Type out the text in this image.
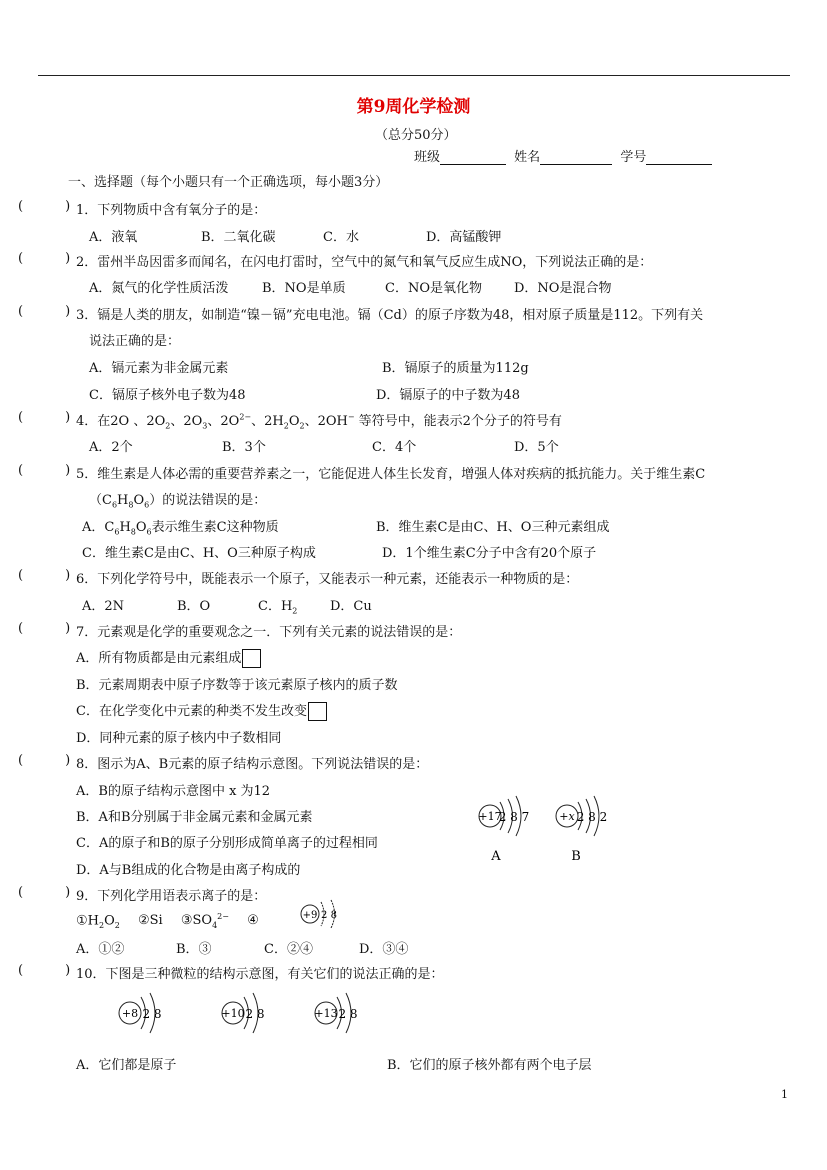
第9周化学检测
（总分50分）
班级	姓名	学号
一、选择题（每个小题只有一个正确选项，每小题3分）
(	) 1．下列物质中含有氧分子的是：
A．液氧	B．二氧化碳	C．水	D．高锰酸钾
(	) 2．雷州半岛因雷多而闻名，在闪电打雷时，空气中的氮气和氧气反应生成NO，下列说法正确的是：
A．氮气的化学性质活泼	B．NO是单质	C．NO是氧化物 D．NO是混合物
(	) 3．镉是人类的朋友，如制造“镍－镉”充电电池。镉（Cd）的原子序数为48，相对原子质量是112。下列有关
说法正确的是：
A．镉元素为非金属元素	B．镉原子的质量为112g
C．镉原子核外电子数为48	D．镉原子的中子数为48
(	) 4．在2O 、$2O_2$、$2O_3$、$2O^{2-}$、$2H_2O_2$、2OH− 等符号中，能表示2个分子的符号有
A．2个	B．3个	C．4个	D．5个
(	) 5．维生素是人体必需的重要营养素之一，它能促进人体生长发育，增强人体对疾病的抵抗能力。关于维生素C
$(C_6H_8O_6)$的说法错误的是：
A．$C_6H_8O_6$表示维生素C这种物质	B．维生素C是由C、H、O三种元素组成
C．维生素C是由C、H、O三种原子构成	D．1个维生素C分子中含有20个原子
(	) 6．下列化学符号中，既能表示一个原子，又能表示一种元素，还能表示一种物质的是：
A．2N	B．O	C．$H_2$	D．Cu
(	) 7．元素观是化学的重要观念之一．下列有关元素的说法错误的是：
A．所有物质都是由元素组成
B．元素周期表中原子序数等于该元素原子核内的质子数
C．在化学变化中元素的种类不发生改变
D．同种元素的原子核内中子数相同
(	) 8．图示为A、B元素的原子结构示意图。下列说法错误的是：
A．B的原子结构示意图中 x 为12
B．A和B分别属于非金属元素和金属元素
C．A的原子和B的原子分别形成简单离子的过程相同
D．A与B组成的化合物是由离子构成的
+17
2 8 7
A
+x 2 8 2
B
(	) 9．下列化学用语表示离子的是：
$①H_2O_2$ ②Si $③SO_4^{2-}$ ④	+9 2 8
A．①②	B．③	C．②④	D．③④
(	) 10．下图是三种微粒的结构示意图，有关它们的说法正确的是：
+8 2 8	+10 2 8	+13 2 8
A．它们都是原子	B．它们的原子核外都有两个电子层
1
